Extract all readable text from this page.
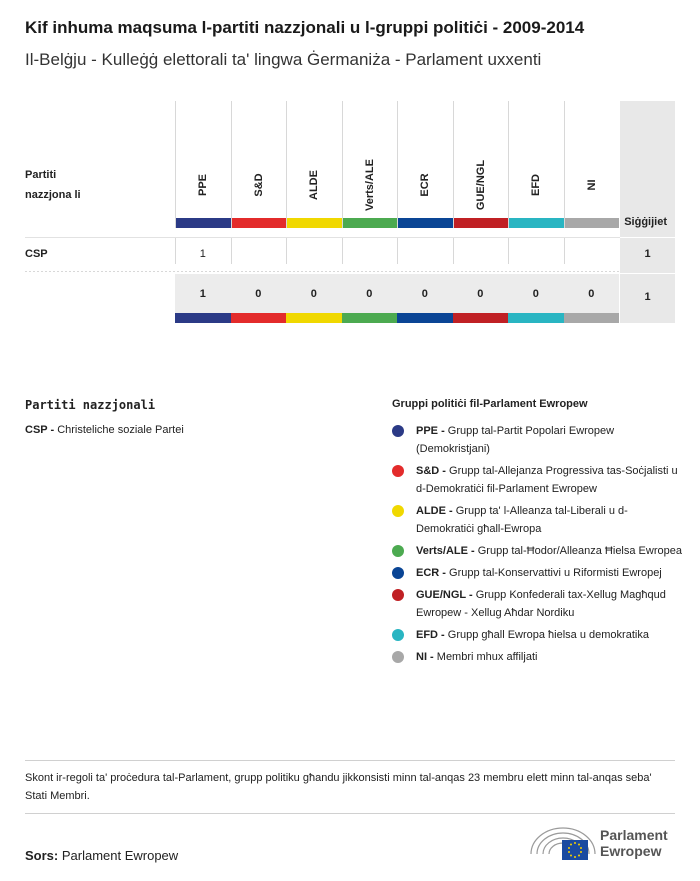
Kif inhuma maqsuma l-partiti nazzjonali u l-gruppi politiċi - 2009-2014
Il-Belġju - Kulleġġ elettorali ta' lingwa Ġermaniża - Parlament uxxenti
Partiti nazzjona li
Siġġijiet
PPE
1
1
S&D
0
ALDE
0
Verts/ALE
0
ECR
0
GUE/NGL
0
EFD
0
NI
0
CSP	1
1
Partiti nazzjonali
CSP - Christeliche soziale Partei
Gruppi politiċi fil-Parlament Ewropew
PPE - Grupp tal-Partit Popolari Ewropew (Demokristjani)
S&D - Grupp tal-Allejanza Progressiva tas-Soċjalisti u d-Demokratiċi fil-Parlament Ewropew
ALDE - Grupp ta' l-Alleanza tal-Liberali u d-Demokratiċi għall-Ewropa
Verts/ALE - Grupp tal-Ħodor/Alleanza Ħielsa Ewropea
ECR - Grupp tal-Konservattivi u Riformisti Ewropej
GUE/NGL - Grupp Konfederali tax-Xellug Magħqud Ewropew - Xellug Aħdar Nordiku
EFD - Grupp għall Ewropa ħielsa u demokratika
NI - Membri mhux affiljati
Skont ir-regoli ta' proċedura tal-Parlament, grupp politiku għandu jikkonsisti minn tal-anqas 23 membru elett minn tal-anqas seba' Stati Membri.
Sors: Parlament Ewropew
Parlament
Ewropew
